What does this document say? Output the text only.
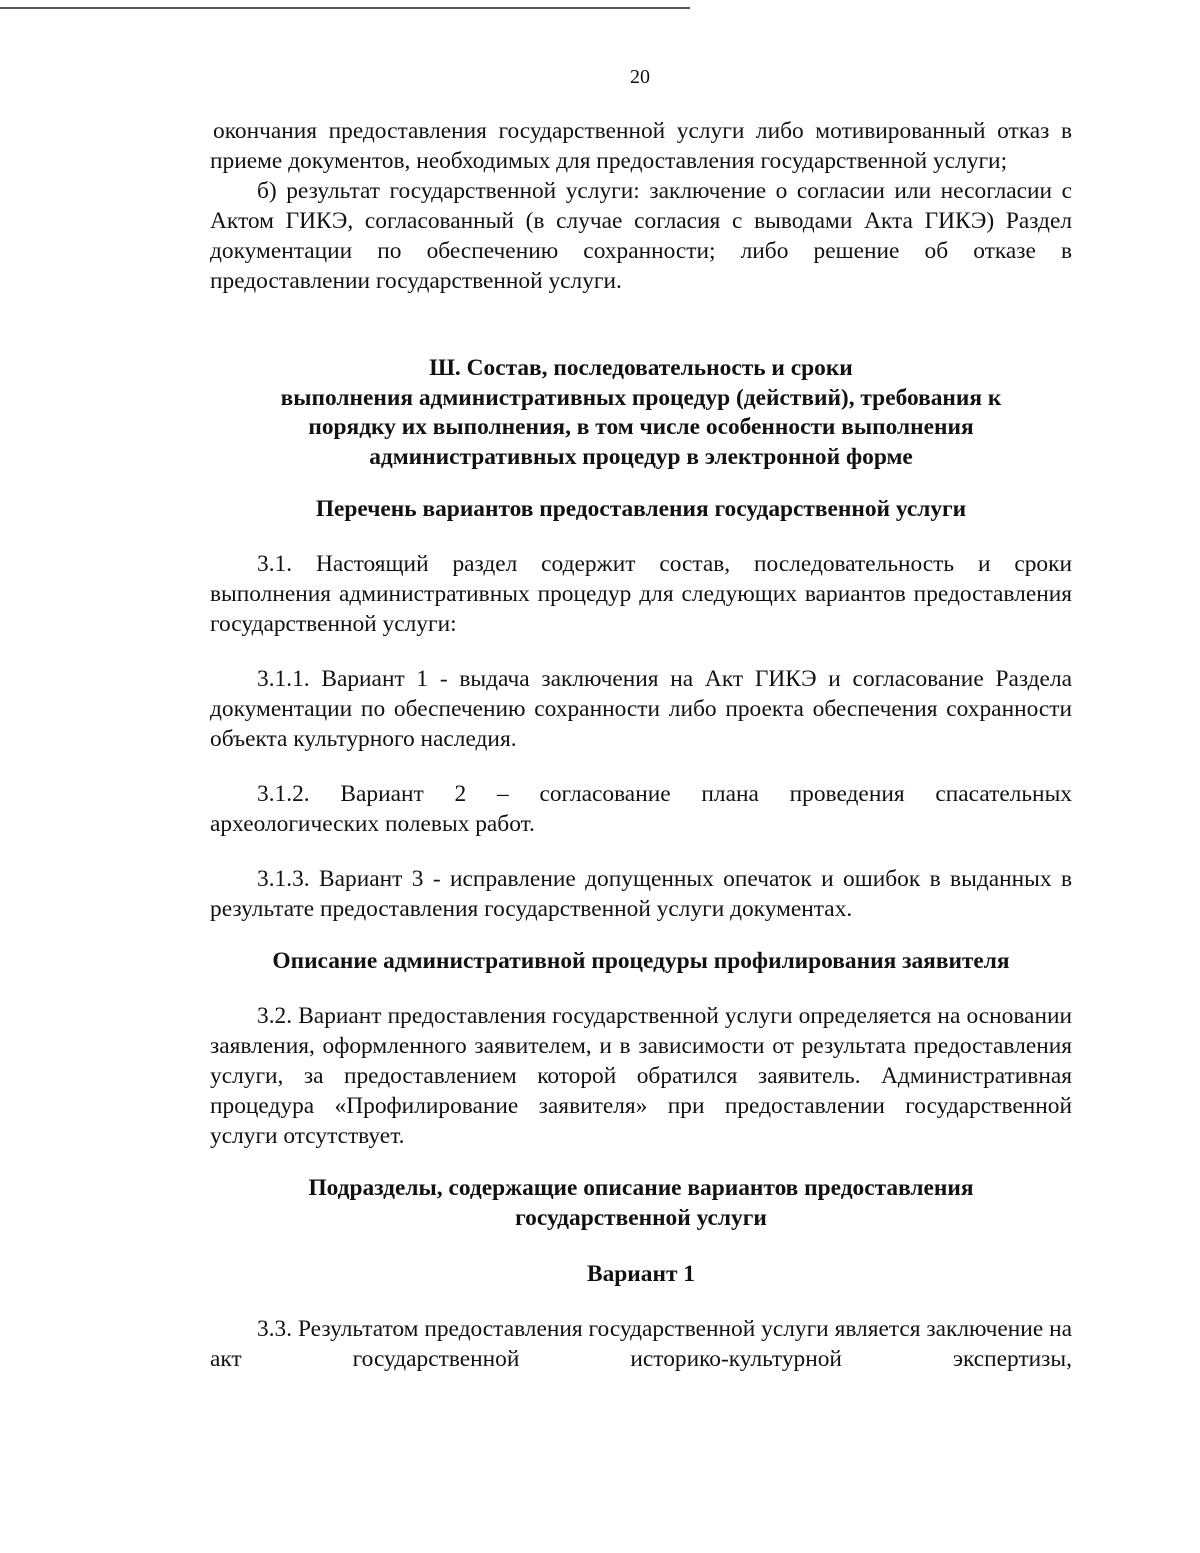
20

окончания предоставления государственной услуги либо мотивированный отказ в приеме документов, необходимых для предоставления государственной услуги;

б) результат государственной услуги: заключение о согласии или несогласии с Актом ГИКЭ, согласованный (в случае согласия с выводами Акта ГИКЭ) Раздел документации по обеспечению сохранности; либо решение об отказе в предоставлении государственной услуги.

Ш. Состав, последовательность и сроки
выполнения административных процедур (действий), требования к
порядку их выполнения, в том числе особенности выполнения
административных процедур в электронной форме
Перечень вариантов предоставления государственной услуги

3.1. Настоящий раздел содержит состав, последовательность и сроки выполнения административных процедур для следующих вариантов предоставления государственной услуги:

3.1.1. Вариант 1 - выдача заключения на Акт ГИКЭ и согласование Раздела документации по обеспечению сохранности либо проекта обеспечения сохранности объекта культурного наследия.

3.1.2. Вариант 2 – согласование плана проведения спасательных археологических полевых работ.

3.1.3. Вариант 3 - исправление допущенных опечаток и ошибок в выданных в результате предоставления государственной услуги документах.

Описание административной процедуры профилирования заявителя

3.2. Вариант предоставления государственной услуги определяется на основании заявления, оформленного заявителем, и в зависимости от результата предоставления услуги, за предоставлением которой обратился заявитель. Административная процедура «Профилирование заявителя» при предоставлении государственной услуги отсутствует.

Подразделы, содержащие описание вариантов предоставления
государственной услуги
Вариант 1

3.3. Результатом предоставления государственной услуги является заключение на акт государственной историко-культурной экспертизы,
